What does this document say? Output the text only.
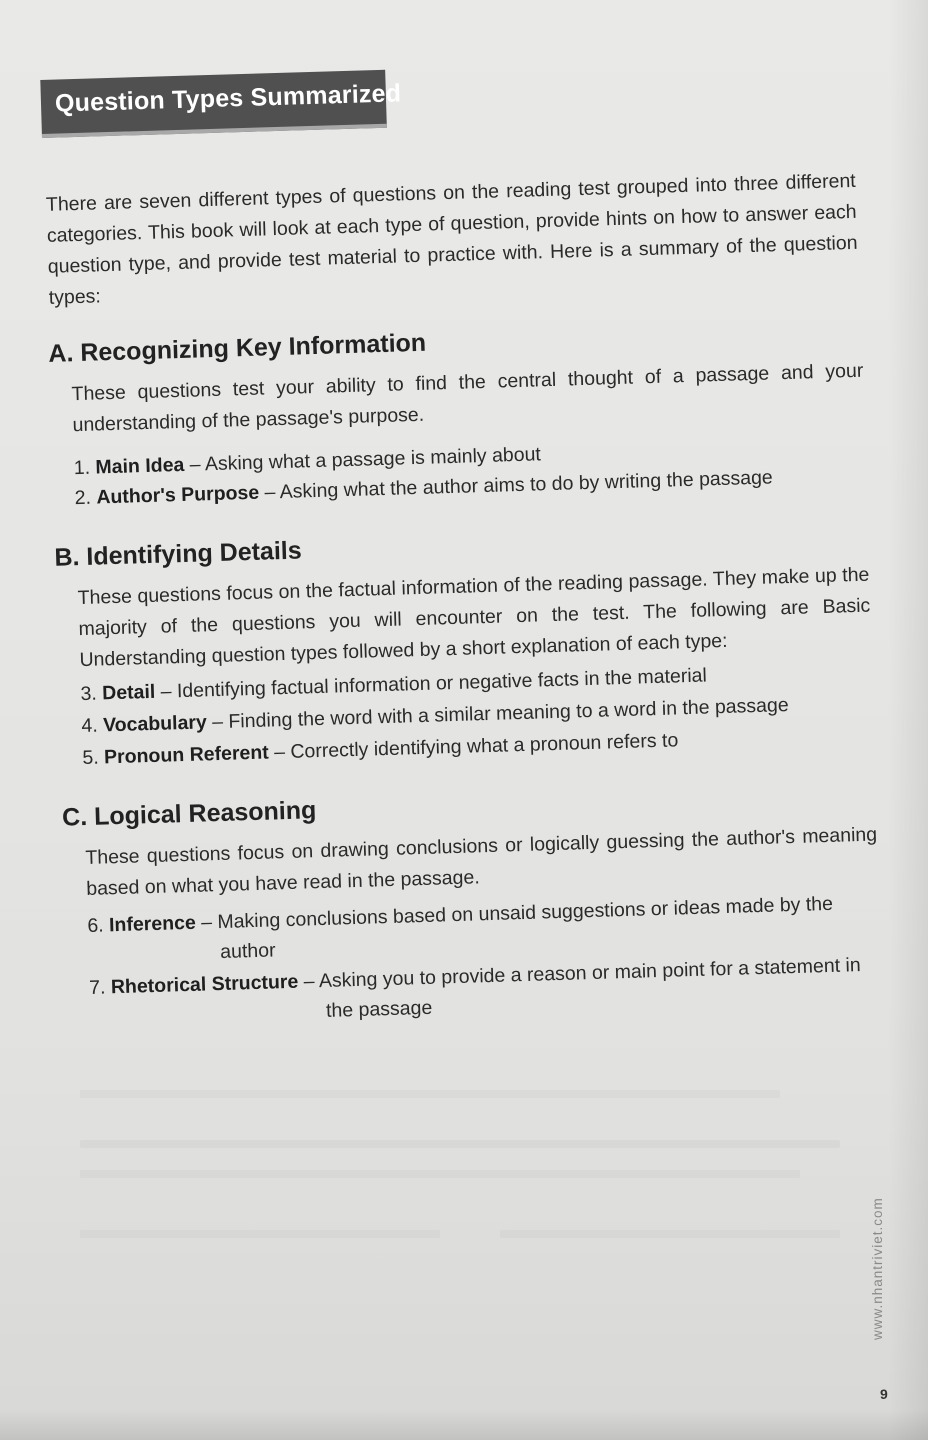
Question Types Summarized
There are seven different types of questions on the reading test grouped into three different categories. This book will look at each type of question, provide hints on how to answer each question type, and provide test material to practice with. Here is a summary of the question types:
A. Recognizing Key Information
These questions test your ability to find the central thought of a passage and your understanding of the passage's purpose.
1. Main Idea – Asking what a passage is mainly about
2. Author's Purpose – Asking what the author aims to do by writing the passage
B. Identifying Details
These questions focus on the factual information of the reading passage. They make up the majority of the questions you will encounter on the test. The following are Basic Understanding question types followed by a short explanation of each type:
3. Detail – Identifying factual information or negative facts in the material
4. Vocabulary – Finding the word with a similar meaning to a word in the passage
5. Pronoun Referent – Correctly identifying what a pronoun refers to
C. Logical Reasoning
These questions focus on drawing conclusions or logically guessing the author's meaning based on what you have read in the passage.
6. Inference – Making conclusions based on unsaid suggestions or ideas made by the
author
7. Rhetorical Structure – Asking you to provide a reason or main point for a statement in
the passage
www.nhantriviet.com
9
